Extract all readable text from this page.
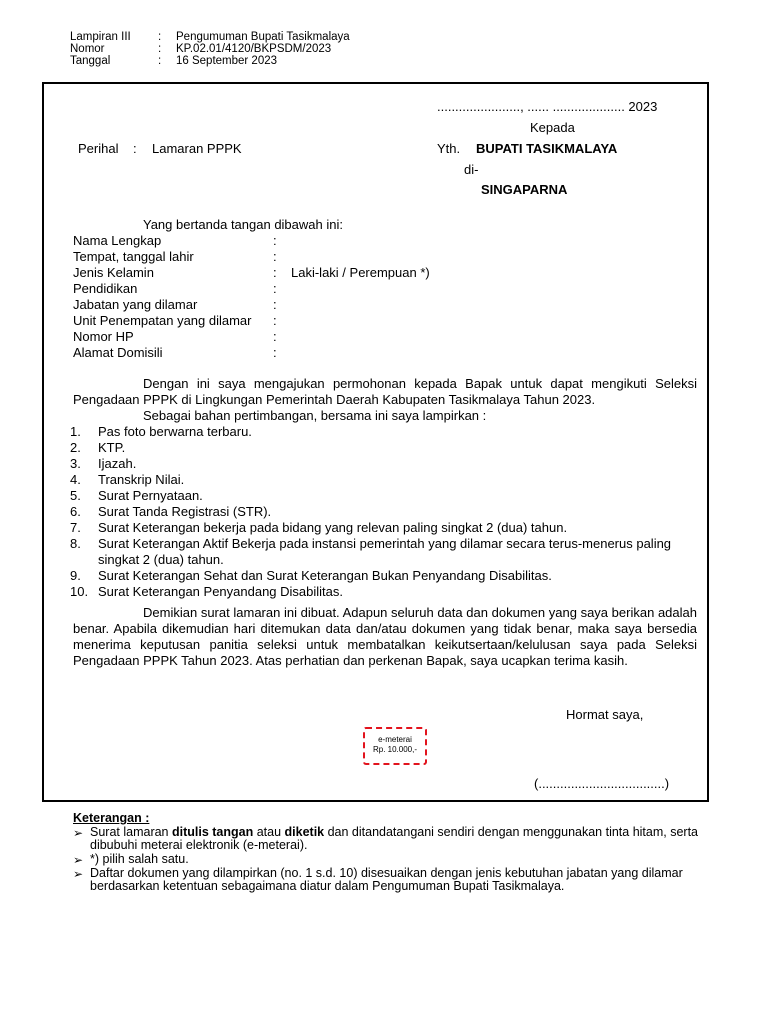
Lampiran III : Pengumuman Bupati Tasikmalaya
Nomor	: KP.02.01/4120/BKPSDM/2023
Tanggal	: 16 September 2023
......................., ...... .................... 2023
Kepada
Perihal : Lamaran PPPK	Yth. BUPATI TASIKMALAYA
di-
SINGAPARNA
Yang bertanda tangan dibawah ini:
Nama Lengkap	:
Tempat, tanggal lahir	:
Jenis Kelamin	: Laki-laki / Perempuan *)
Pendidikan	:
Jabatan yang dilamar	:
Unit Penempatan yang dilamar :
Nomor HP	:
Alamat Domisili	:
Dengan ini saya mengajukan permohonan kepada Bapak untuk dapat mengikuti Seleksi Pengadaan PPPK di Lingkungan Pemerintah Daerah Kabupaten Tasikmalaya Tahun 2023.
Sebagai bahan pertimbangan, bersama ini saya lampirkan :
1. Pas foto berwarna terbaru.
2. KTP.
3. Ijazah.
4. Transkrip Nilai.
5. Surat Pernyataan.
6. Surat Tanda Registrasi (STR).
7. Surat Keterangan bekerja pada bidang yang relevan paling singkat 2 (dua) tahun.
8. Surat Keterangan Aktif Bekerja pada instansi pemerintah yang dilamar secara terus-menerus paling
singkat 2 (dua) tahun.
9. Surat Keterangan Sehat dan Surat Keterangan Bukan Penyandang Disabilitas.
10. Surat Keterangan Penyandang Disabilitas.
Demikian surat lamaran ini dibuat. Adapun seluruh data dan dokumen yang saya berikan adalah benar. Apabila dikemudian hari ditemukan data dan/atau dokumen yang tidak benar, maka saya bersedia menerima keputusan panitia seleksi untuk membatalkan keikutsertaan/kelulusan saya pada Seleksi Pengadaan PPPK Tahun 2023. Atas perhatian dan perkenan Bapak, saya ucapkan terima kasih.
Hormat saya,
e-meterai
Rp. 10.000,-
(...................................)
Keterangan :
➢ Surat lamaran ditulis tangan atau diketik dan ditandatangani sendiri dengan menggunakan tinta hitam, serta dibubuhi meterai elektronik (e-meterai).
➢ *) pilih salah satu.
➢ Daftar dokumen yang dilampirkan (no. 1 s.d. 10) disesuaikan dengan jenis kebutuhan jabatan yang dilamar berdasarkan ketentuan sebagaimana diatur dalam Pengumuman Bupati Tasikmalaya.
